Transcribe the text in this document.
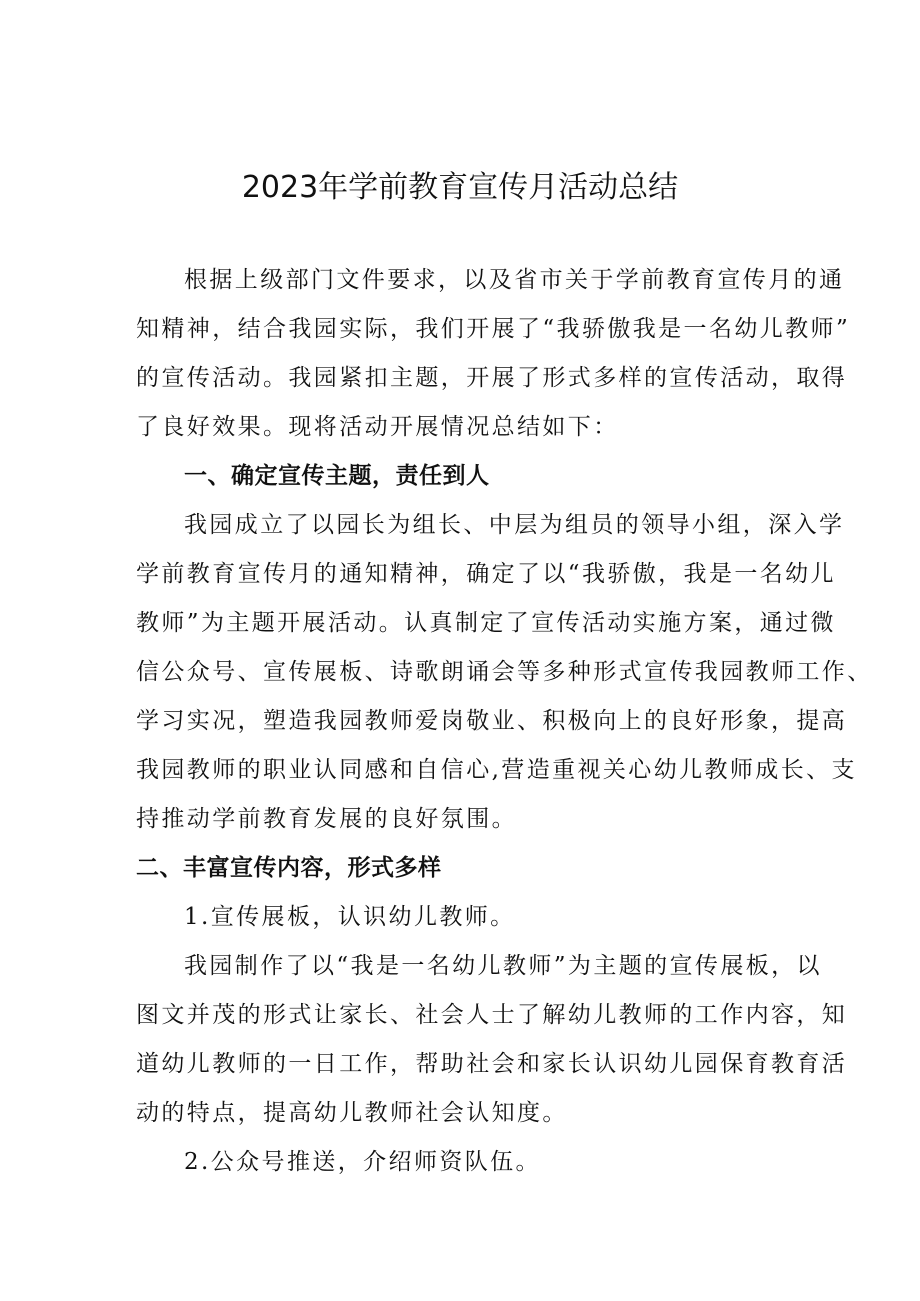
2023年学前教育宣传月活动总结
根据上级部门文件要求，以及省市关于学前教育宣传月的通
知精神，结合我园实际，我们开展了“我骄傲我是一名幼儿教师”
的宣传活动。我园紧扣主题，开展了形式多样的宣传活动，取得
了良好效果。现将活动开展情况总结如下：
一、确定宣传主题，责任到人
我园成立了以园长为组长、中层为组员的领导小组，深入学
学前教育宣传月的通知精神，确定了以“我骄傲，我是一名幼儿
教师”为主题开展活动。认真制定了宣传活动实施方案，通过微
信公众号、宣传展板、诗歌朗诵会等多种形式宣传我园教师工作、
学习实况，塑造我园教师爱岗敬业、积极向上的良好形象，提高
我园教师的职业认同感和自信心,营造重视关心幼儿教师成长、支
持推动学前教育发展的良好氛围。
二、丰富宣传内容，形式多样
1.宣传展板，认识幼儿教师。
我园制作了以“我是一名幼儿教师”为主题的宣传展板，以
图文并茂的形式让家长、社会人士了解幼儿教师的工作内容，知
道幼儿教师的一日工作，帮助社会和家长认识幼儿园保育教育活
动的特点，提高幼儿教师社会认知度。
2.公众号推送，介绍师资队伍。
